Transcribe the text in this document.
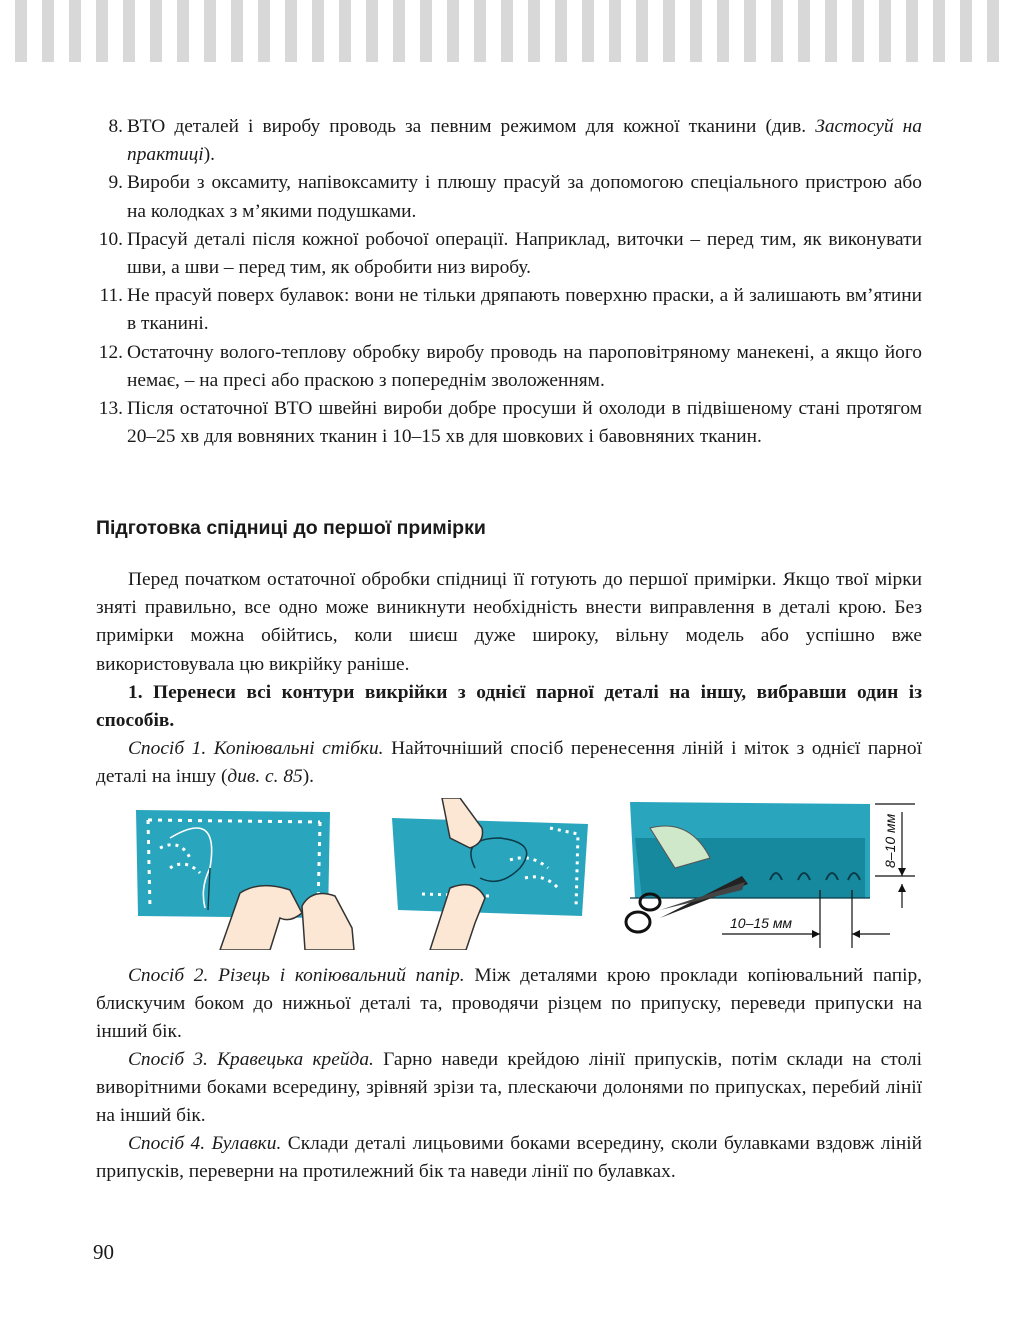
8. ВТО деталей і виробу проводь за певним режимом для кожної тканини (див. Застосуй на практиці).
9. Вироби з оксамиту, напівоксамиту і плюшу прасуй за допомогою спеціального пристрою або на колодках з м’якими подушками.
10. Прасуй деталі після кожної робочої операції. Наприклад, виточки – перед тим, як виконувати шви, а шви – перед тим, як обробити низ виробу.
11. Не прасуй поверх булавок: вони не тільки дряпають поверхню праски, а й залишають вм’ятини в тканині.
12. Остаточну волого-теплову обробку виробу проводь на пароповітряному манекені, а якщо його немає, – на пресі або праскою з попереднім зволоженням.
13. Після остаточної ВТО швейні вироби добре просуши й охолоди в підвішеному стані протягом 20–25 хв для вовняних тканин і 10–15 хв для шовкових і бавовняних тканин.
Підготовка спідниці до першої примірки

Перед початком остаточної обробки спідниці її готують до першої примірки. Якщо твої мірки зняті правильно, все одно може виникнути необхідність внести виправлення в деталі крою. Без примірки можна обійтись, коли шиєш дуже широку, вільну модель або успішно вже використовувала цю викрійку раніше.

1. Перенеси всі контури викрійки з однієї парної деталі на іншу, вибравши один із способів.

Спосіб 1. Копіювальні стібки. Найточніший спосіб перенесення ліній і міток з однієї парної деталі на іншу (див. с. 85).

8–10 мм
10–15 мм

Спосіб 2. Різець і копіювальний папір. Між деталями крою проклади копіювальний папір, блискучим боком до нижньої деталі та, проводячи різцем по припуску, переведи припуски на інший бік.

Спосіб 3. Кравецька крейда. Гарно наведи крейдою лінії припусків, потім склади на столі виворітними боками всередину, зрівняй зрізи та, плескаючи долонями по припусках, перебий лінії на інший бік.

Спосіб 4. Булавки. Склади деталі лицьовими боками всередину, сколи булавками вздовж ліній припусків, переверни на протилежний бік та наведи лінії по булавках.

90
